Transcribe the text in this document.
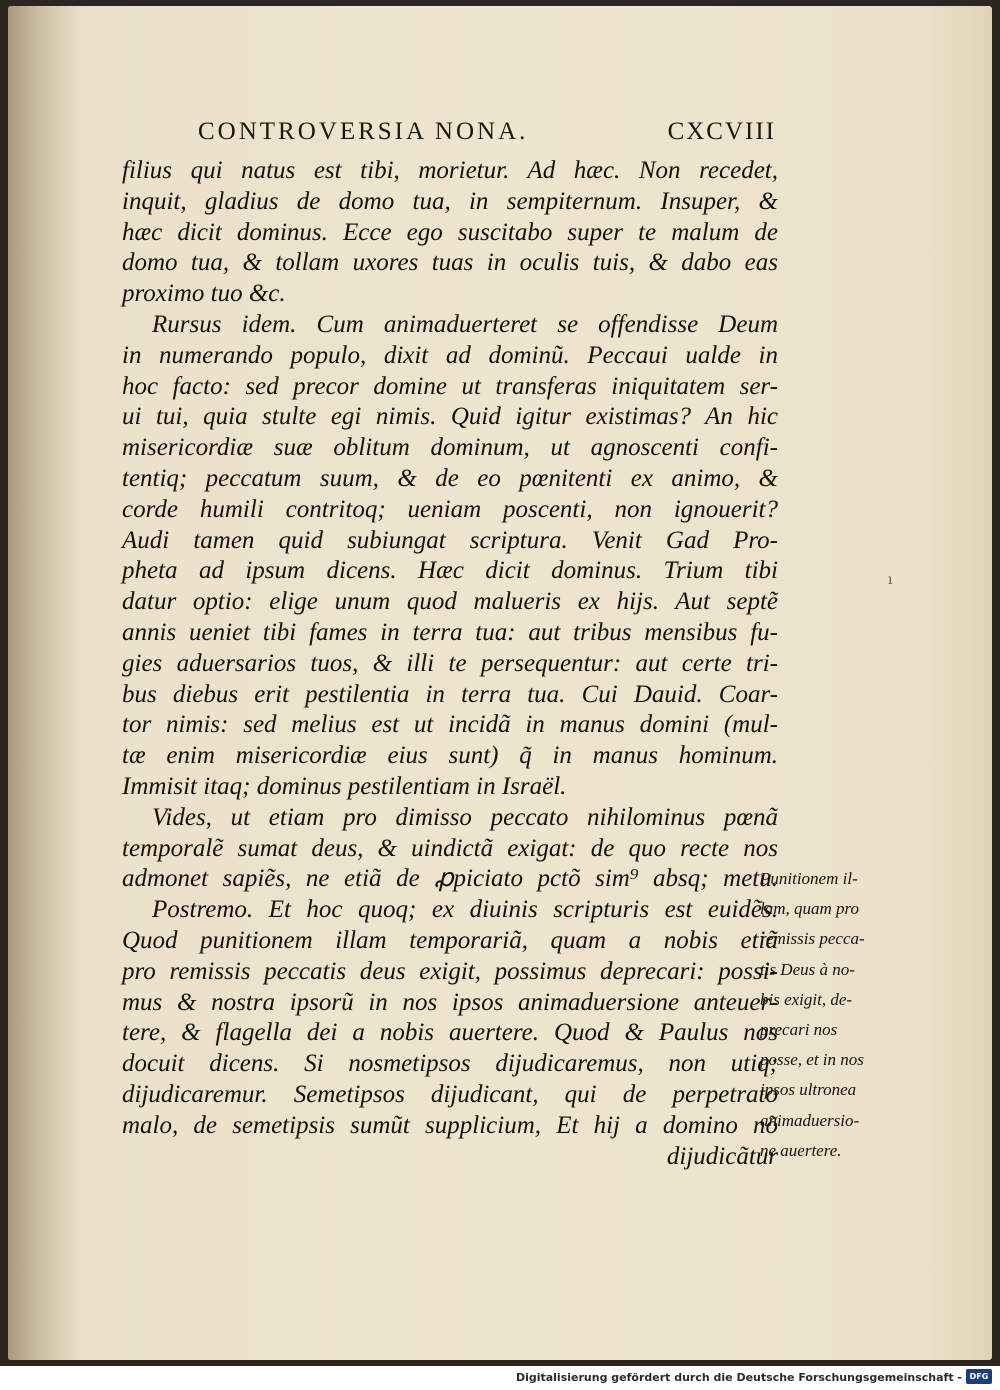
CONTROVERSIA NONA.	CXCVIII
filius qui natus est tibi, morietur. Ad hæc. Non recedet,
inquit, gladius de domo tua, in sempiternum. Insuper, &
hæc dicit dominus. Ecce ego suscitabo super te malum de
domo tua, & tollam uxores tuas in oculis tuis, & dabo eas
proximo tuo &c.
Rursus idem. Cum animaduerteret se offendisse Deum
in numerando populo, dixit ad dominũ. Peccaui ualde in
hoc facto: sed precor domine ut transferas iniquitatem ser-
ui tui, quia stulte egi nimis. Quid igitur existimas? An hic
misericordiæ suæ oblitum dominum, ut agnoscenti confi-
tentiq; peccatum suum, & de eo pœnitenti ex animo, &
corde humili contritoq; ueniam poscenti, non ignouerit?
Audi tamen quid subiungat scriptura. Venit Gad Pro-
pheta ad ipsum dicens. Hæc dicit dominus. Trium tibi
datur optio: elige unum quod malueris ex hijs. Aut septẽ
annis ueniet tibi fames in terra tua: aut tribus mensibus fu-
gies aduersarios tuos, & illi te persequentur: aut certe tri-
bus diebus erit pestilentia in terra tua. Cui Dauid. Coar-
tor nimis: sed melius est ut incidã in manus domini (mul-
tæ enim misericordiæ eius sunt) q̃ in manus hominum.
Immisit itaq; dominus pestilentiam in Israël.
Vides, ut etiam pro dimisso peccato nihilominus pœnã
temporalẽ sumat deus, & uindictã exigat: de quo recte nos
admonet sapiẽs, ne etiã de ꝓpiciato pctõ sim⁹ absq; metu.
Postremo. Et hoc quoq; ex diuinis scripturis est euidẽs.
Quod punitionem illam temporariã, quam a nobis etiã
pro remissis peccatis deus exigit, possimus deprecari: possi-
mus & nostra ipsorũ in nos ipsos animaduersione anteuer-
tere, & flagella dei a nobis auertere. Quod & Paulus nos
docuit dicens. Si nosmetipsos dijudicaremus, non utiq;
dijudicaremur. Semetipsos dijudicant, qui de perpetrato
malo, de semetipsis sumũt supplicium, Et hij a domino nõ
dijudicãtur
Punitionem il-
lam, quam pro
remissis pecca-
tis Deus à no-
bis exigit, de-
precari nos
posse, et in nos
ipsos ultronea
animaduersio-
ne auertere.
ı
Digitalisierung gefördert durch die Deutsche Forschungsgemeinschaft - DFG
